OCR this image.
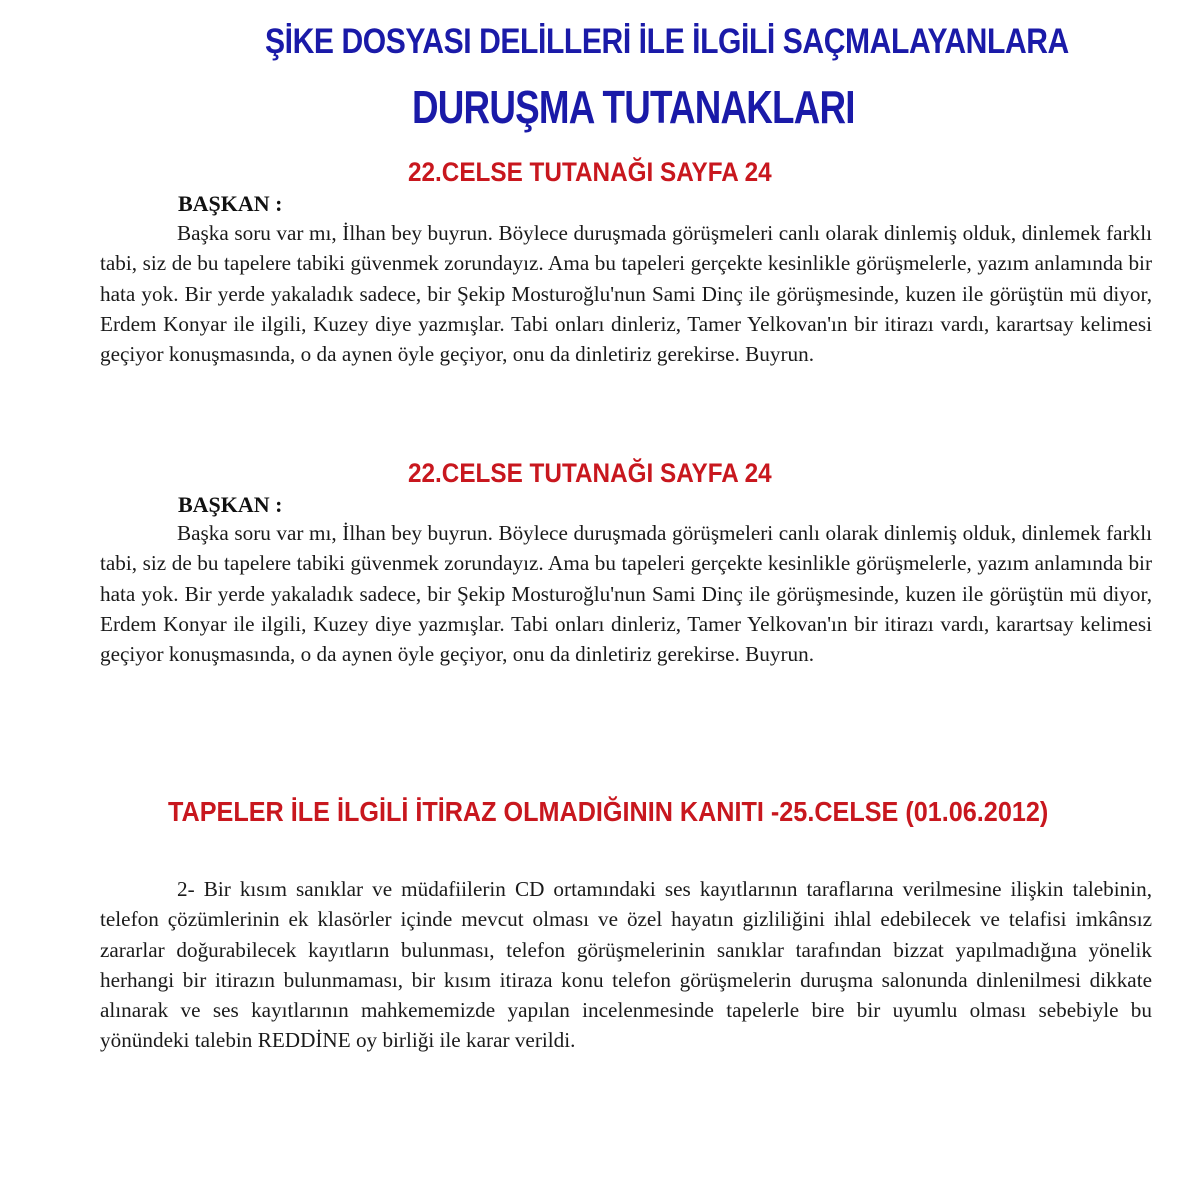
ŞİKE DOSYASI DELİLLERİ İLE İLGİLİ SAÇMALAYANLARA
DURUŞMA TUTANAKLARI
22.CELSE TUTANAĞI SAYFA 24
BAŞKAN :

Başka soru var mı, İlhan bey buyrun. Böylece duruşmada görüşmeleri canlı olarak dinlemiş olduk, dinlemek farklı tabi, siz de bu tapelere tabiki güvenmek zorundayız. Ama bu tapeleri gerçekte kesinlikle görüşmelerle, yazım anlamında bir hata yok. Bir yerde yakaladık sadece, bir Şekip Mosturoğlu'nun Sami Dinç ile görüşmesinde, kuzen ile görüştün mü diyor, Erdem Konyar ile ilgili, Kuzey diye yazmışlar. Tabi onları dinleriz, Tamer Yelkovan'ın bir itirazı vardı, karartsay kelimesi geçiyor konuşmasında, o da aynen öyle geçiyor, onu da dinletiriz gerekirse. Buyrun.

22.CELSE TUTANAĞI SAYFA 24
BAŞKAN :

Başka soru var mı, İlhan bey buyrun. Böylece duruşmada görüşmeleri canlı olarak dinlemiş olduk, dinlemek farklı tabi, siz de bu tapelere tabiki güvenmek zorundayız. Ama bu tapeleri gerçekte kesinlikle görüşmelerle, yazım anlamında bir hata yok. Bir yerde yakaladık sadece, bir Şekip Mosturoğlu'nun Sami Dinç ile görüşmesinde, kuzen ile görüştün mü diyor, Erdem Konyar ile ilgili, Kuzey diye yazmışlar. Tabi onları dinleriz, Tamer Yelkovan'ın bir itirazı vardı, karartsay kelimesi geçiyor konuşmasında, o da aynen öyle geçiyor, onu da dinletiriz gerekirse. Buyrun.

TAPELER İLE İLGİLİ İTİRAZ OLMADIĞININ KANITI -25.CELSE (01.06.2012)

2- Bir kısım sanıklar ve müdafiilerin CD ortamındaki ses kayıtlarının taraflarına verilmesine ilişkin talebinin, telefon çözümlerinin ek klasörler içinde mevcut olması ve özel hayatın gizliliğini ihlal edebilecek ve telafisi imkânsız zararlar doğurabilecek kayıtların bulunması, telefon görüşmelerinin sanıklar tarafından bizzat yapılmadığına yönelik herhangi bir itirazın bulunmaması, bir kısım itiraza konu telefon görüşmelerin duruşma salonunda dinlenilmesi dikkate alınarak ve ses kayıtlarının mahkememizde yapılan incelenmesinde tapelerle bire bir uyumlu olması sebebiyle bu yönündeki talebin REDDİNE oy birliği ile karar verildi.
